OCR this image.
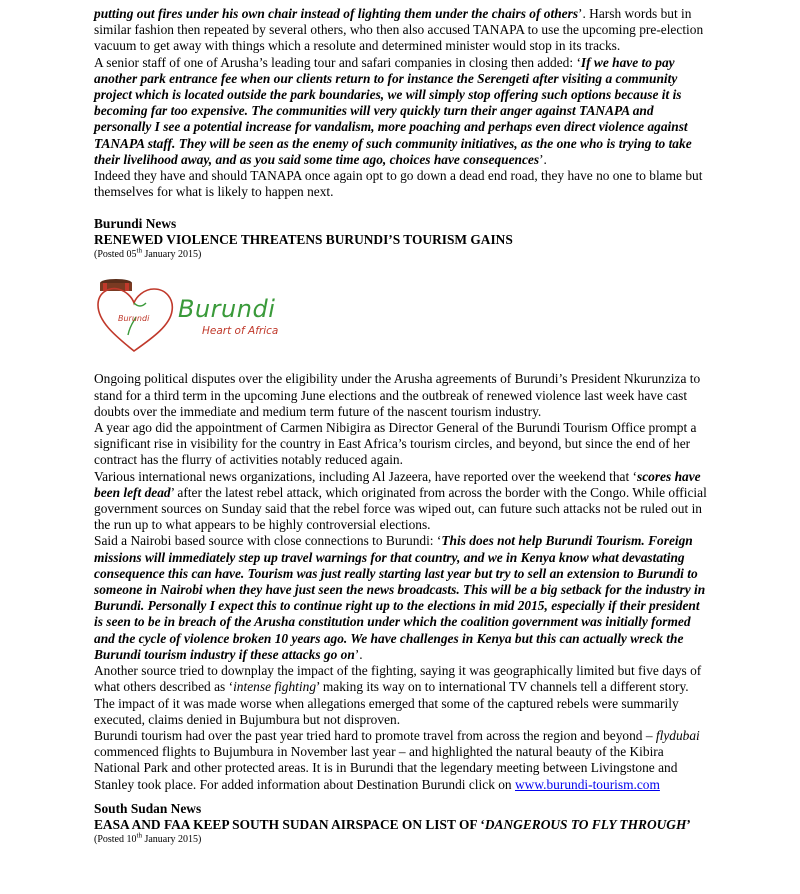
putting out fires under his own chair instead of lighting them under the chairs of others’. Harsh words but in similar fashion then repeated by several others, who then also accused TANAPA to use the upcoming pre-election vacuum to get away with things which a resolute and determined minister would stop in its tracks.

A senior staff of one of Arusha’s leading tour and safari companies in closing then added: ‘If we have to pay another park entrance fee when our clients return to for instance the Serengeti after visiting a community project which is located outside the park boundaries, we will simply stop offering such options because it is becoming far too expensive. The communities will very quickly turn their anger against TANAPA and personally I see a potential increase for vandalism, more poaching and perhaps even direct violence against TANAPA staff. They will be seen as the enemy of such community initiatives, as the one who is trying to take their livelihood away, and as you said some time ago, choices have consequences’.

Indeed they have and should TANAPA once again opt to go down a dead end road, they have no one to blame but themselves for what is likely to happen next.

Burundi News

RENEWED VIOLENCE THREATENS BURUNDI’S TOURISM GAINS

(Posted 05th January 2015)

Burundi Burundi
Heart of Africa

Ongoing political disputes over the eligibility under the Arusha agreements of Burundi’s President Nkurunziza to stand for a third term in the upcoming June elections and the outbreak of renewed violence last week have cast doubts over the immediate and medium term future of the nascent tourism industry.

A year ago did the appointment of Carmen Nibigira as Director General of the Burundi Tourism Office prompt a significant rise in visibility for the country in East Africa’s tourism circles, and beyond, but since the end of her contract has the flurry of activities notably reduced again.

Various international news organizations, including Al Jazeera, have reported over the weekend that ‘scores have been left dead’ after the latest rebel attack, which originated from across the border with the Congo. While official government sources on Sunday said that the rebel force was wiped out, can future such attacks not be ruled out in the run up to what appears to be highly controversial elections.

Said a Nairobi based source with close connections to Burundi: ‘This does not help Burundi Tourism. Foreign missions will immediately step up travel warnings for that country, and we in Kenya know what devastating consequence this can have. Tourism was just really starting last year but try to sell an extension to Burundi to someone in Nairobi when they have just seen the news broadcasts. This will be a big setback for the industry in Burundi. Personally I expect this to continue right up to the elections in mid 2015, especially if their president is seen to be in breach of the Arusha constitution under which the coalition government was initially formed and the cycle of violence broken 10 years ago. We have challenges in Kenya but this can actually wreck the Burundi tourism industry if these attacks go on’.

Another source tried to downplay the impact of the fighting, saying it was geographically limited but five days of what others described as ‘intense fighting’ making its way on to international TV channels tell a different story. The impact of it was made worse when allegations emerged that some of the captured rebels were summarily executed, claims denied in Bujumbura but not disproven.

Burundi tourism had over the past year tried hard to promote travel from across the region and beyond – flydubai commenced flights to Bujumbura in November last year – and highlighted the natural beauty of the Kibira National Park and other protected areas. It is in Burundi that the legendary meeting between Livingstone and Stanley took place. For added information about Destination Burundi click on www.burundi-tourism.com

South Sudan News

EASA AND FAA KEEP SOUTH SUDAN AIRSPACE ON LIST OF ‘DANGEROUS TO FLY THROUGH’

(Posted 10th January 2015)
